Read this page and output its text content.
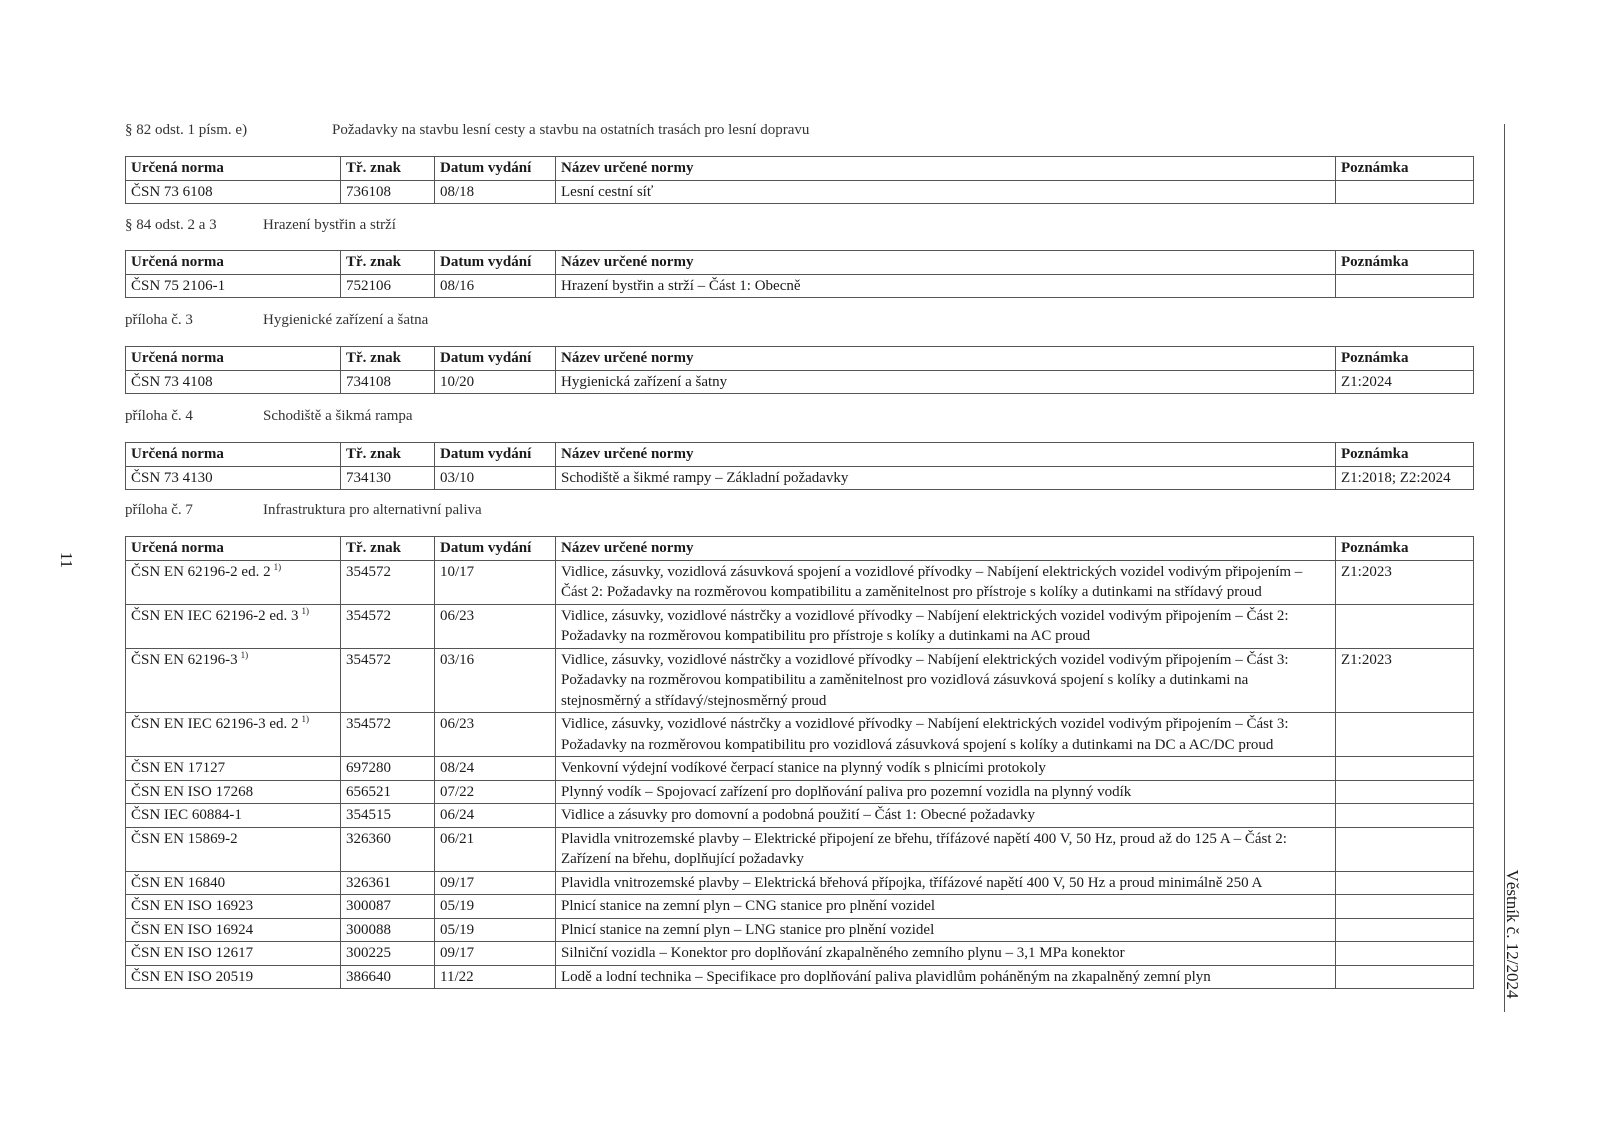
§ 82 odst. 1 písm. e)	Požadavky na stavbu lesní cesty a stavbu na ostatních trasách pro lesní dopravu
Určená norma	Tř. znak	Datum vydání	Název určené normy	Poznámka
ČSN 73 6108	736108	08/18	Lesní cestní síť	
§ 84 odst. 2 a 3	Hrazení bystřin a strží
Určená norma	Tř. znak	Datum vydání	Název určené normy	Poznámka
ČSN 75 2106-1	752106	08/16	Hrazení bystřin a strží – Část 1: Obecně	
příloha č. 3	Hygienické zařízení a šatna
Určená norma	Tř. znak	Datum vydání	Název určené normy	Poznámka
ČSN 73 4108	734108	10/20	Hygienická zařízení a šatny	Z1:2024
příloha č. 4	Schodiště a šikmá rampa
Určená norma	Tř. znak	Datum vydání	Název určené normy	Poznámka
ČSN 73 4130	734130	03/10	Schodiště a šikmé rampy – Základní požadavky	Z1:2018; Z2:2024
příloha č. 7	Infrastruktura pro alternativní paliva
Určená norma	Tř. znak	Datum vydání	Název určené normy	Poznámka
ČSN EN 62196-2 ed. 2 $^{1)}$	354572	10/17	Vidlice, zásuvky, vozidlová zásuvková spojení a vozidlové přívodky – Nabíjení elektrických vozidel vodivým připojením – Část 2: Požadavky na rozměrovou kompatibilitu a zaměnitelnost pro přístroje s kolíky a dutinkami na střídavý proud	Z1:2023
ČSN EN IEC 62196-2 ed. 3 $^{1)}$	354572	06/23	Vidlice, zásuvky, vozidlové nástrčky a vozidlové přívodky – Nabíjení elektrických vozidel vodivým připojením – Část 2: Požadavky na rozměrovou kompatibilitu pro přístroje s kolíky a dutinkami na AC proud	
ČSN EN 62196-3 $^{1)}$	354572	03/16	Vidlice, zásuvky, vozidlové nástrčky a vozidlové přívodky – Nabíjení elektrických vozidel vodivým připojením – Část 3: Požadavky na rozměrovou kompatibilitu a zaměnitelnost pro vozidlová zásuvková spojení s kolíky a dutinkami na stejnosměrný a střídavý/stejnosměrný proud	Z1:2023
ČSN EN IEC 62196-3 ed. 2 $^{1)}$	354572	06/23	Vidlice, zásuvky, vozidlové nástrčky a vozidlové přívodky – Nabíjení elektrických vozidel vodivým připojením – Část 3: Požadavky na rozměrovou kompatibilitu pro vozidlová zásuvková spojení s kolíky a dutinkami na DC a AC/DC proud	
ČSN EN 17127	697280	08/24	Venkovní výdejní vodíkové čerpací stanice na plynný vodík s plnicími protokoly	
ČSN EN ISO 17268	656521	07/22	Plynný vodík – Spojovací zařízení pro doplňování paliva pro pozemní vozidla na plynný vodík	
ČSN IEC 60884-1	354515	06/24	Vidlice a zásuvky pro domovní a podobná použití – Část 1: Obecné požadavky	
ČSN EN 15869-2	326360	06/21	Plavidla vnitrozemské plavby – Elektrické připojení ze břehu, třífázové napětí 400 V, 50 Hz, proud až do 125 A – Část 2: Zařízení na břehu, doplňující požadavky	
ČSN EN 16840	326361	09/17	Plavidla vnitrozemské plavby – Elektrická břehová přípojka, třífázové napětí 400 V, 50 Hz a proud minimálně 250 A	
ČSN EN ISO 16923	300087	05/19	Plnicí stanice na zemní plyn – CNG stanice pro plnění vozidel	
ČSN EN ISO 16924	300088	05/19	Plnicí stanice na zemní plyn – LNG stanice pro plnění vozidel	
ČSN EN ISO 12617	300225	09/17	Silniční vozidla – Konektor pro doplňování zkapalněného zemního plynu – 3,1 MPa konektor	
ČSN EN ISO 20519	386640	11/22	Lodě a lodní technika – Specifikace pro doplňování paliva plavidlům poháněným na zkapalněný zemní plyn	
11
Věstník č. 12/2024
